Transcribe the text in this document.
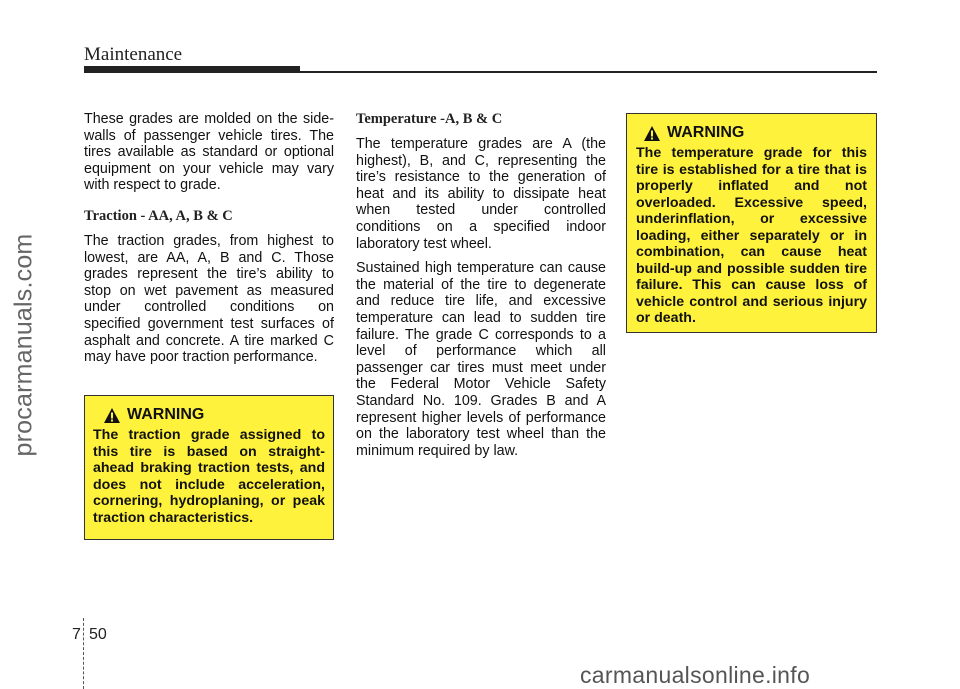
Maintenance
procarmanuals.com

These grades are molded on the side-walls of passenger vehicle tires. The tires available as standard or optional equipment on your vehicle may vary with respect to grade.

Traction - AA, A, B & C

The traction grades, from highest to lowest, are AA, A, B and C. Those grades represent the tire’s ability to stop on wet pavement as measured under controlled conditions on specified government test surfaces of asphalt and concrete. A tire marked C may have poor traction performance.

WARNING

The traction grade assigned to this tire is based on straight-ahead braking traction tests, and does not include acceleration, cornering, hydroplaning, or peak traction characteristics.

Temperature -A, B & C

The temperature grades are A (the highest), B, and C, representing the tire’s resistance to the generation of heat and its ability to dissipate heat when tested under controlled conditions on a specified indoor laboratory test wheel.

Sustained high temperature can cause the material of the tire to degenerate and reduce tire life, and excessive temperature can lead to sudden tire failure. The grade C corresponds to a level of performance which all passenger car tires must meet under the Federal Motor Vehicle Safety Standard No. 109. Grades B and A represent higher levels of performance on the laboratory test wheel than the minimum required by law.

WARNING

The temperature grade for this tire is established for a tire that is properly inflated and not overloaded. Excessive speed, underinflation, or excessive loading, either separately or in combination, can cause heat build-up and possible sudden tire failure. This can cause loss of vehicle control and serious injury or death.

7 50
carmanualsonline.info
